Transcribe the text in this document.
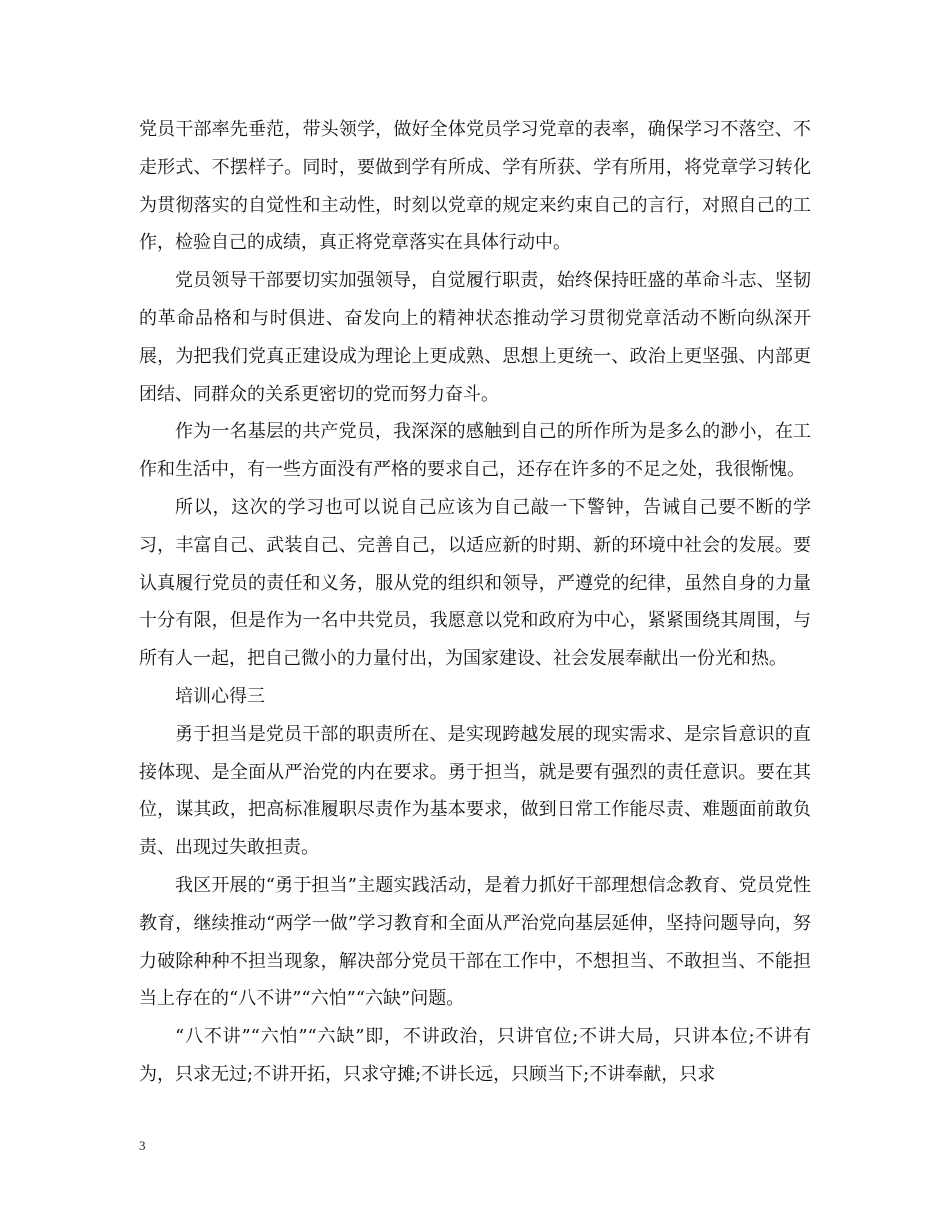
党员干部率先垂范，带头领学，做好全体党员学习党章的表率，确保学习不落空、不走形式、不摆样子。同时，要做到学有所成、学有所获、学有所用，将党章学习转化为贯彻落实的自觉性和主动性，时刻以党章的规定来约束自己的言行，对照自己的工作，检验自己的成绩，真正将党章落实在具体行动中。

党员领导干部要切实加强领导，自觉履行职责，始终保持旺盛的革命斗志、坚韧的革命品格和与时俱进、奋发向上的精神状态推动学习贯彻党章活动不断向纵深开展，为把我们党真正建设成为理论上更成熟、思想上更统一、政治上更坚强、内部更团结、同群众的关系更密切的党而努力奋斗。

作为一名基层的共产党员，我深深的感触到自己的所作所为是多么的渺小，在工作和生活中，有一些方面没有严格的要求自己，还存在许多的不足之处，我很惭愧。

所以，这次的学习也可以说自己应该为自己敲一下警钟，告诫自己要不断的学习，丰富自己、武装自己、完善自己，以适应新的时期、新的环境中社会的发展。要认真履行党员的责任和义务，服从党的组织和领导，严遵党的纪律，虽然自身的力量十分有限，但是作为一名中共党员，我愿意以党和政府为中心，紧紧围绕其周围，与所有人一起，把自己微小的力量付出，为国家建设、社会发展奉献出一份光和热。

培训心得三

勇于担当是党员干部的职责所在、是实现跨越发展的现实需求、是宗旨意识的直接体现、是全面从严治党的内在要求。勇于担当，就是要有强烈的责任意识。要在其位，谋其政，把高标准履职尽责作为基本要求，做到日常工作能尽责、难题面前敢负责、出现过失敢担责。

我区开展的“勇于担当”主题实践活动，是着力抓好干部理想信念教育、党员党性教育，继续推动“两学一做”学习教育和全面从严治党向基层延伸，坚持问题导向，努力破除种种不担当现象，解决部分党员干部在工作中，不想担当、不敢担当、不能担当上存在的“八不讲”“六怕”“六缺”问题。

“八不讲”“六怕”“六缺”即，不讲政治，只讲官位;不讲大局，只讲本位;不讲有为，只求无过;不讲开拓，只求守摊;不讲长远，只顾当下;不讲奉献，只求

3
